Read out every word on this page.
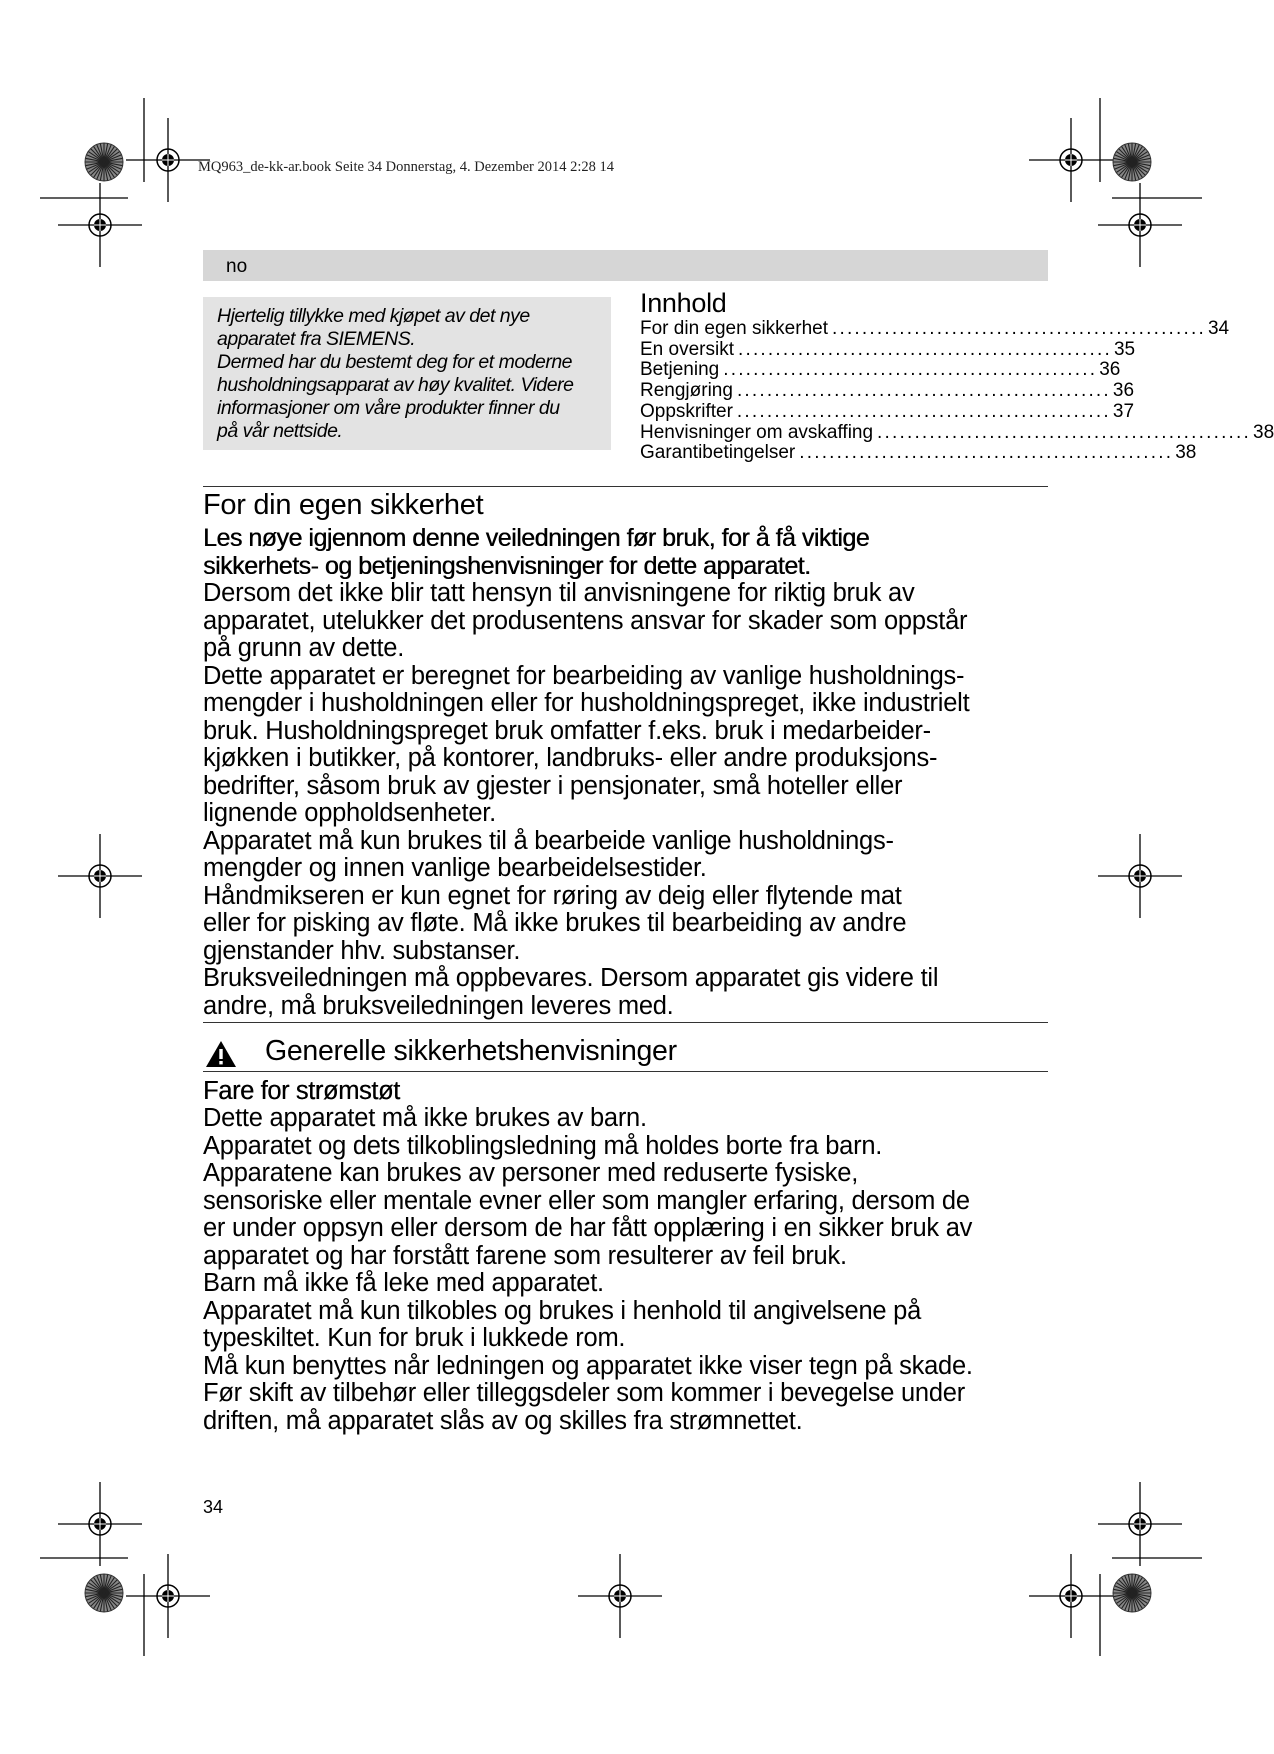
MQ963_de-kk-ar.book Seite 34 Donnerstag, 4. Dezember 2014 2:28 14
no

Hjertelig tillykke med kjøpet av det nye

apparatet fra SIEMENS.

Dermed har du bestemt deg for et moderne

husholdningsapparat av høy kvalitet. Videre

informasjoner om våre produkter finner du

på vår nettside.

Innhold
For din egen sikkerhet .................................................. 34
En oversikt .................................................. 35
Betjening .................................................. 36
Rengjøring .................................................. 36
Oppskrifter .................................................. 37
Henvisninger om avskaffing .................................................. 38
Garantibetingelser .................................................. 38
For din egen sikkerhet

Les nøye igjennom denne veiledningen før bruk, for å få viktige

sikkerhets- og betjeningshenvisninger for dette apparatet.

Dersom det ikke blir tatt hensyn til anvisningene for riktig bruk av

apparatet, utelukker det produsentens ansvar for skader som oppstår

på grunn av dette.

Dette apparatet er beregnet for bearbeiding av vanlige husholdnings-

mengder i husholdningen eller for husholdningspreget, ikke industrielt

bruk. Husholdningspreget bruk omfatter f.eks. bruk i medarbeider-

kjøkken i butikker, på kontorer, landbruks- eller andre produksjons-

bedrifter, såsom bruk av gjester i pensjonater, små hoteller eller

lignende oppholdsenheter.

Apparatet må kun brukes til å bearbeide vanlige husholdnings-

mengder og innen vanlige bearbeidelsestider.

Håndmikseren er kun egnet for røring av deig eller flytende mat

eller for pisking av fløte. Må ikke brukes til bearbeiding av andre

gjenstander hhv. substanser.

Bruksveiledningen må oppbevares. Dersom apparatet gis videre til

andre, må bruksveiledningen leveres med.

Generelle sikkerhetshenvisninger
Fare for strømstøt

Dette apparatet må ikke brukes av barn.

Apparatet og dets tilkoblingsledning må holdes borte fra barn.

Apparatene kan brukes av personer med reduserte fysiske,

sensoriske eller mentale evner eller som mangler erfaring, dersom de

er under oppsyn eller dersom de har fått opplæring i en sikker bruk av

apparatet og har forstått farene som resulterer av feil bruk.

Barn må ikke få leke med apparatet.

Apparatet må kun tilkobles og brukes i henhold til angivelsene på

typeskiltet. Kun for bruk i lukkede rom.

Må kun benyttes når ledningen og apparatet ikke viser tegn på skade.

Før skift av tilbehør eller tilleggsdeler som kommer i bevegelse under

driften, må apparatet slås av og skilles fra strømnettet.

34
